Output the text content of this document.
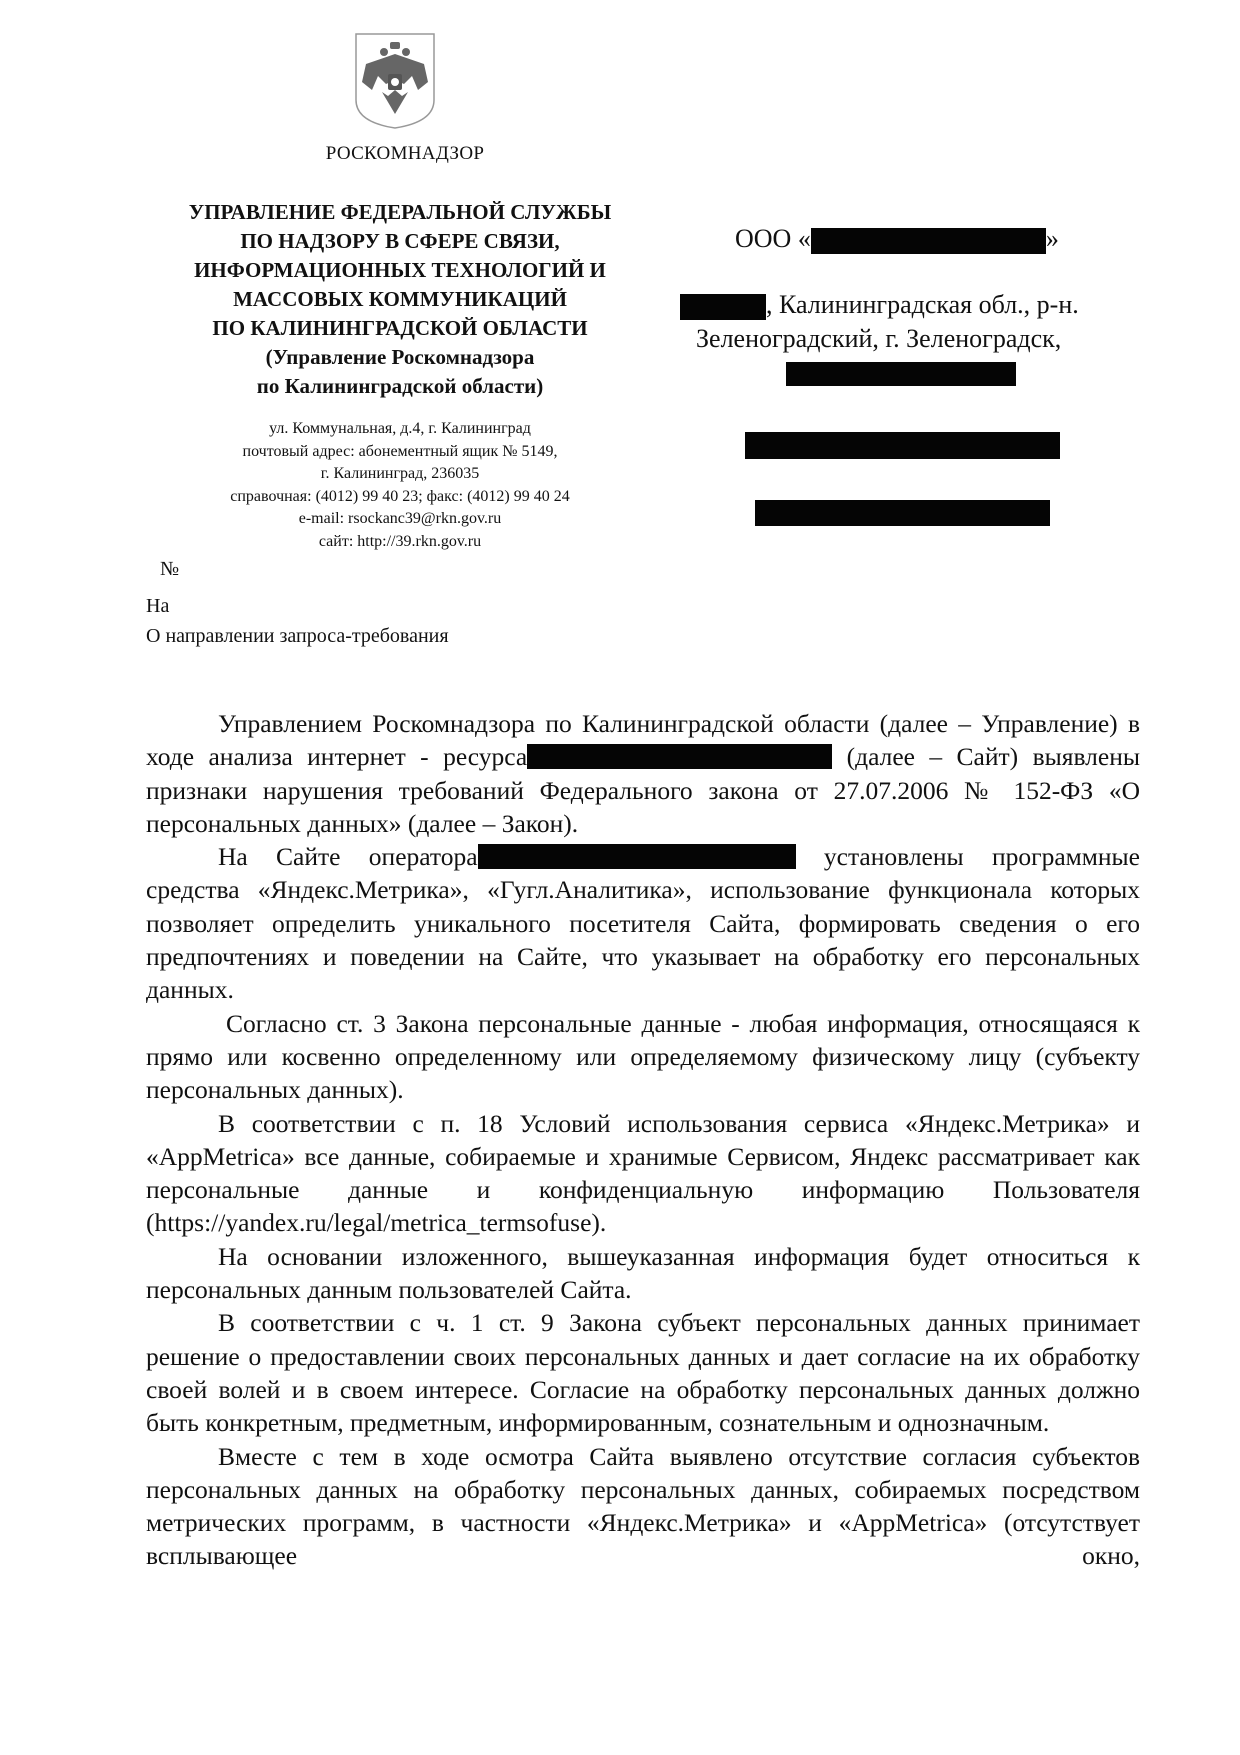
РОСКОМНАДЗОР
УПРАВЛЕНИЕ ФЕДЕРАЛЬНОЙ СЛУЖБЫ
ПО НАДЗОРУ В СФЕРЕ СВЯЗИ,
ИНФОРМАЦИОННЫХ ТЕХНОЛОГИЙ И
МАССОВЫХ КОММУНИКАЦИЙ
ПО КАЛИНИНГРАДСКОЙ ОБЛАСТИ
(Управление Роскомнадзора
по Калининградской области)
ул. Коммунальная, д.4, г. Калининград
почтовый адрес: абонементный ящик № 5149,
г. Калининград, 236035
справочная: (4012) 99 40 23; факс: (4012) 99 40 24
e-mail: rsockanc39@rkn.gov.ru
сайт: http://39.rkn.gov.ru
ООО «	»
, Калининградская обл., р-н.
Зеленоградский, г. Зеленоградск,
№
На
О направлении запроса-требования

Управлением Роскомнадзора по Калининградской области (далее – Управление) в ходе анализа интернет - ресурса	(далее – Сайт) выявлены признаки нарушения требований Федерального закона от 27.07.2006 № 152-ФЗ «О персональных данных» (далее – Закон).

На Сайте оператора	установлены программные средства «Яндекс.Метрика», «Гугл.Аналитика», использование функционала которых позволяет определить уникального посетителя Сайта, формировать сведения о его предпочтениях и поведении на Сайте, что указывает на обработку его персональных данных.

Согласно ст. 3 Закона персональные данные - любая информация, относящаяся к прямо или косвенно определенному или определяемому физическому лицу (субъекту персональных данных).

В соответствии с п. 18 Условий использования сервиса «Яндекс.Метрика» и «AppMetrica» все данные, собираемые и хранимые Сервисом, Яндекс рассматривает как персональные данные и конфиденциальную информацию Пользователя (https://yandex.ru/legal/metrica_termsofuse).

На основании изложенного, вышеуказанная информация будет относиться к персональных данным пользователей Сайта.

В соответствии с ч. 1 ст. 9 Закона субъект персональных данных принимает решение о предоставлении своих персональных данных и дает согласие на их обработку своей волей и в своем интересе. Согласие на обработку персональных данных должно быть конкретным, предметным, информированным, сознательным и однозначным.

Вместе с тем в ходе осмотра Сайта выявлено отсутствие согласия субъектов персональных данных на обработку персональных данных, собираемых посредством метрических программ, в частности «Яндекс.Метрика» и «AppMetrica» (отсутствует всплывающее окно,
